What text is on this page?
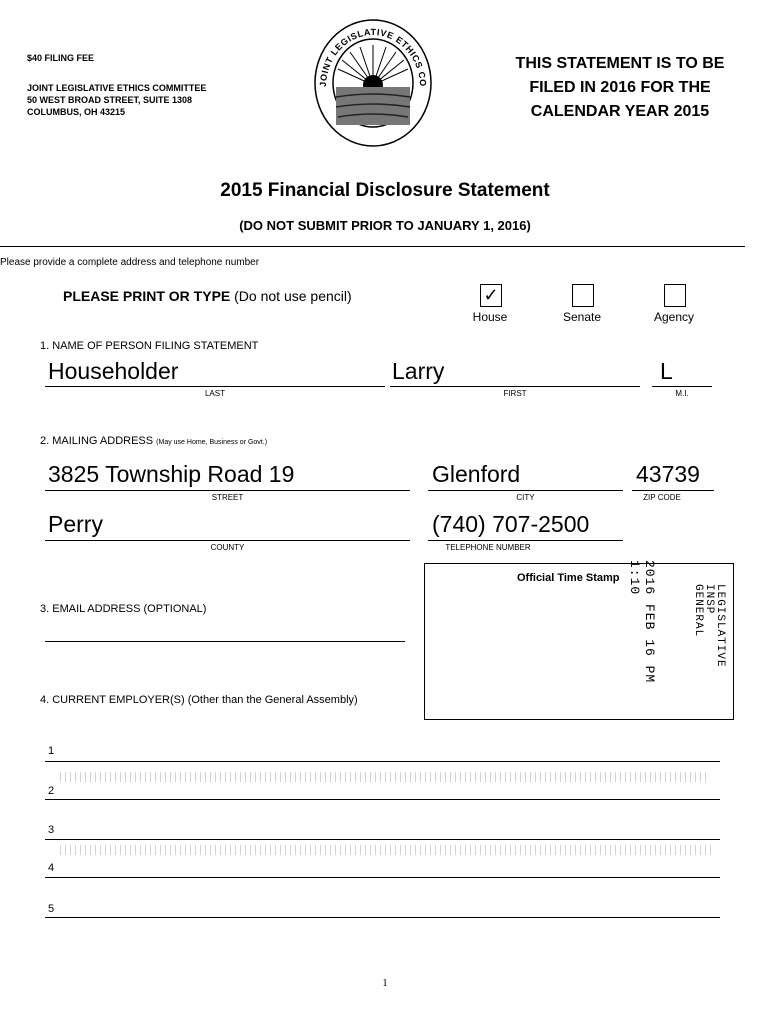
$40 FILING FEE
JOINT LEGISLATIVE ETHICS COMMITTEE
50 WEST BROAD STREET, SUITE 1308
COLUMBUS, OH 43215
JOINT LEGISLATIVE ETHICS CO
THIS STATEMENT IS TO BE
FILED IN 2016 FOR THE
CALENDAR YEAR 2015
2015 Financial Disclosure Statement
(DO NOT SUBMIT PRIOR TO JANUARY 1, 2016)
Please provide a complete address and telephone number
PLEASE PRINT OR TYPE (Do not use pencil)	✓
House	Senate	Agency
1. NAME OF PERSON FILING STATEMENT
Householder
LAST
Larry
FIRST
L
M.I.
2. MAILING ADDRESS (May use Home, Business or Govt.)
3825 Township Road 19
STREET
Glenford
CITY
43739
ZIP CODE
Perry
COUNTY
(740) 707-2500
TELEPHONE NUMBER
3. EMAIL ADDRESS (OPTIONAL)
Official Time Stamp	2016 FEB 16 PM 1:10
LEGISLATIVE
INSP GENERAL
4. CURRENT EMPLOYER(S) (Other than the General Assembly)
1
2
3
4
5
1
